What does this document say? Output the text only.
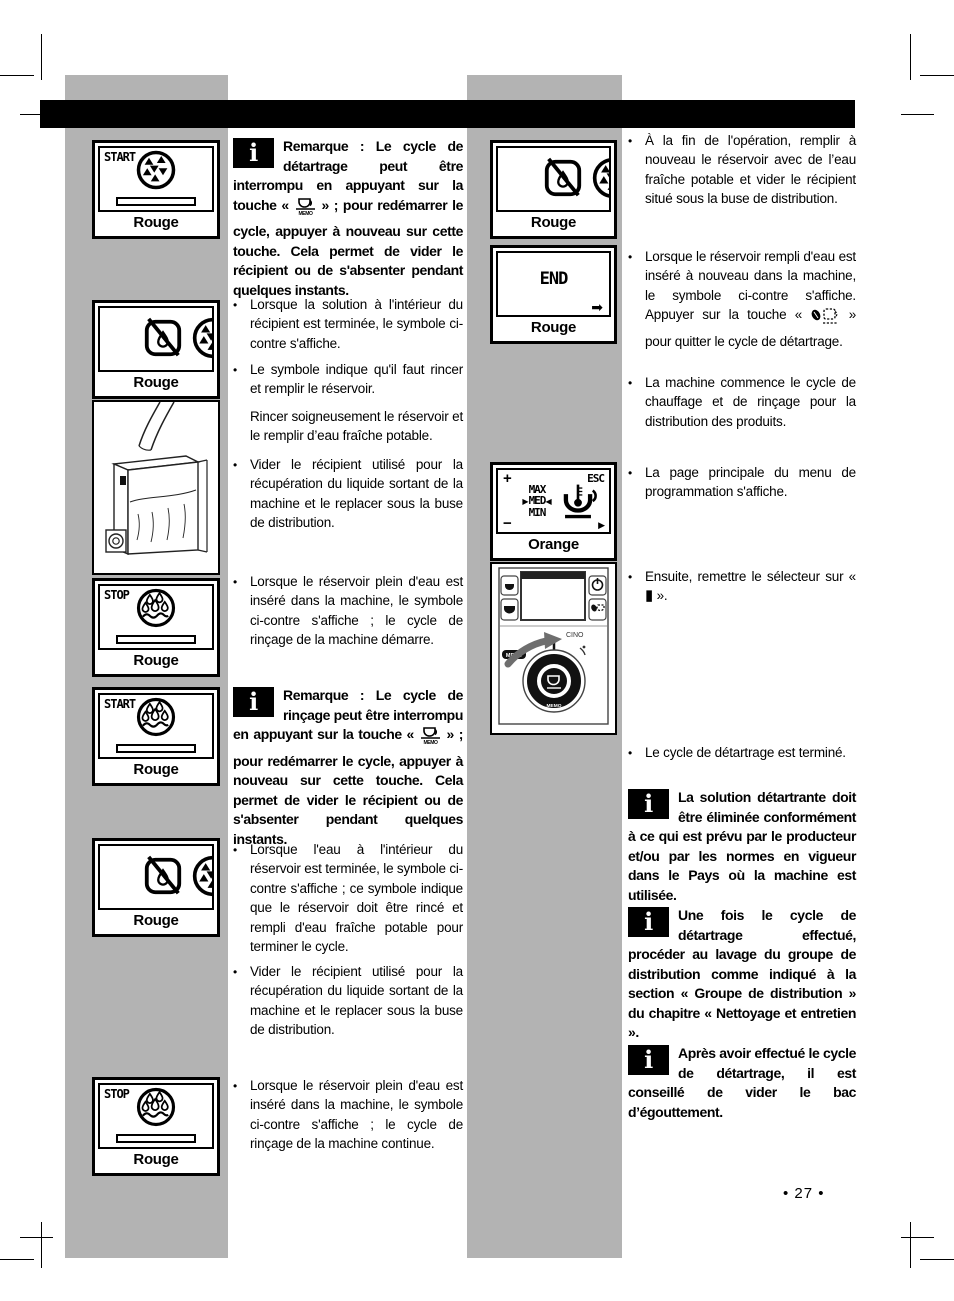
START
Rouge
Rouge
STOP
Rouge
START
Rouge
Rouge
STOP
Rouge

i	Remarque : Le cycle de détartrage peut être interrompu en appuyant sur la touche «
MEMO
» ; pour redémarrer le cycle, appuyer à nouveau sur cette touche. Cela permet de vider le récipient ou de s'absenter pendant quelques instants.

• Lorsque la solution à l'intérieur du récipient est terminée, le symbole ci-contre s'affiche.

• Le symbole indique qu'il faut rincer et remplir le réservoir.

Rincer soigneusement le réservoir et le remplir d’eau fraîche potable.

• Vider le récipient utilisé pour la récupération du liquide sortant de la machine et le replacer sous la buse de distribution.

• Lorsque le réservoir plein d'eau est inséré dans la machine, le symbole ci-contre s'affiche ; le cycle de rinçage de la machine démarre.

i	Remarque : Le cycle de rinçage peut être interrompu en appuyant sur la touche «
MEMO
» ; pour redémarrer le cycle, appuyer à nouveau sur cette touche. Cela permet de vider le récipient ou de s'absenter pendant quelques instants.

• Lorsque l'eau à l'intérieur du réservoir est terminée, le symbole ci-contre s'affiche ; ce symbole indique que le réservoir doit être rincé et rempli d'eau fraîche potable pour terminer le cycle.

• Vider le récipient utilisé pour la récupération du liquide sortant de la machine et le replacer sous la buse de distribution.

• Lorsque le réservoir plein d'eau est inséré dans la machine, le symbole ci-contre s'affiche ; le cycle de rinçage de la machine continue.

Rouge
END
➡
Rouge
+	ESC
MAX
▶MED◀
MIN
−	▶
Orange
CINO
MENU
MEMO
• À la fin de l'opération, remplir à nouveau le réservoir avec de l’eau fraîche potable et vider le récipient situé sous la buse de distribution.

• Lorsque le réservoir rempli d'eau est inséré à nouveau dans la machine, le symbole ci-contre s'affiche. Appuyer sur la touche «  » pour quitter le cycle de détartrage.

• La machine commence le cycle de chauffage et de rinçage pour la distribution des produits.

• La page principale du menu de programmation s'affiche.

• Ensuite, remettre le sélecteur sur « ▮ ».

• Le cycle de détartrage est terminé.

i	La solution détartrante doit être éliminée conformément à ce qui est prévu par le producteur et/ou par les normes en vigueur dans le Pays où la machine est utilisée.

i	Une fois le cycle de détartrage effectué, procéder au lavage du groupe de distribution comme indiqué à la section « Groupe de distribution » du chapitre « Nettoyage et entretien ».

i	Après avoir effectué le cycle de détartrage, il est conseillé de vider le bac d’égouttement.

• 27 •
